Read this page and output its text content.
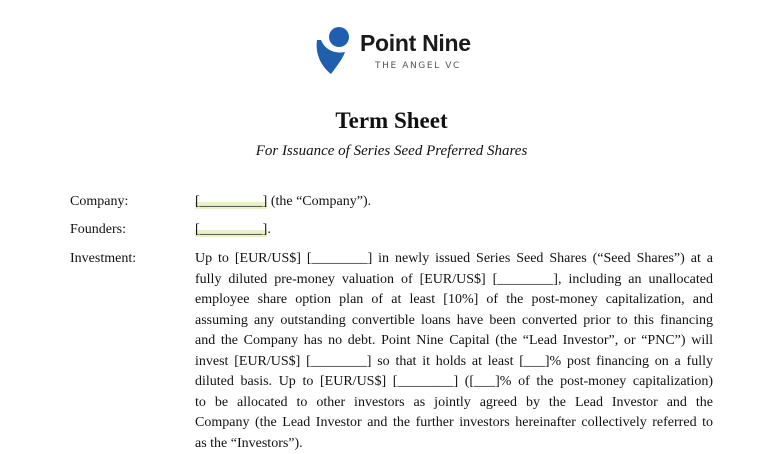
Point Nine
THE ANGEL VC
Term Sheet
For Issuance of Series Seed Preferred Shares
Company:	[_________] (the “Company”).
Founders:	[_________].
Investment:	Up to [EUR/US$] [________] in newly issued Series Seed Shares (“Seed Shares”) at a
fully diluted pre-money valuation of [EUR/US$] [________], including an unallocated
employee share option plan of at least [10%] of the post-money capitalization, and
assuming any outstanding convertible loans have been converted prior to this financing
and the Company has no debt. Point Nine Capital (the “Lead Investor”, or “PNC”) will
invest [EUR/US$] [________] so that it holds at least [___]% post financing on a fully
diluted basis. Up to [EUR/US$] [________] ([___]% of the post-money capitalization)
to be allocated to other investors as jointly agreed by the Lead Investor and the
Company (the Lead Investor and the further investors hereinafter collectively referred to
as the “Investors”).
